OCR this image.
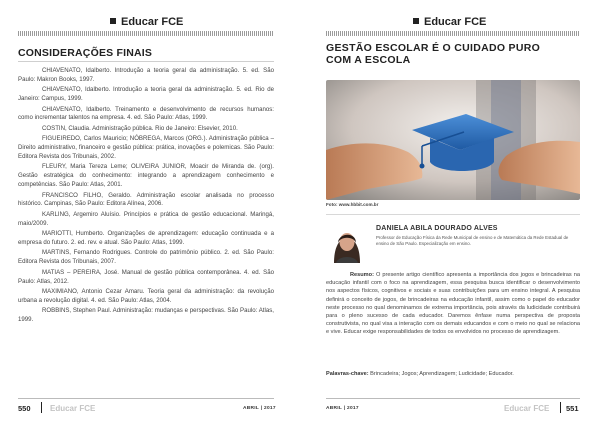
Educar FCE
CONSIDERAÇÕES FINAIS
CHIAVENATO, Idalberto. Introdução a teoria geral da administração. 5. ed. São Paulo: Makron Books, 1997.
CHIAVENATO, Idalberto. Introdução a teoria geral da administração. 5. ed. Rio de Janeiro: Campus, 1999.
CHIAVENATO, Idalberto. Treinamento e desenvolvimento de recursos humanos: como incrementar talentos na empresa. 4. ed. São Paulo: Atlas, 1999.
COSTIN, Claudia. Administração pública. Rio de Janeiro: Elsevier, 2010.
FIGUEIREDO, Carlos Mauricio; NÓBREGA, Marcos (ORG.). Administração pública – Direito administrativo, financeiro e gestão pública: prática, inovações e polemicas. São Paulo: Editora Revista dos Tribunais, 2002.
FLEURY, Maria Tereza Leme; OLIVEIRA JUNIOR, Moacir de Miranda de. (org). Gestão estratégica do conhecimento: integrando a aprendizagem conhecimento e competências. São Paulo: Atlas, 2001.
FRANCISCO FILHO, Geraldo. Administração escolar analisada no processo histórico. Campinas, São Paulo: Editora Alínea, 2006.
KARLING, Argemiro Aluísio. Princípios e prática de gestão educacional. Maringá, maio/2009.
MARIOTTI, Humberto. Organizações de aprendizagem: educação continuada e a empresa do futuro. 2. ed. rev. e atual. São Paulo: Atlas, 1999.
MARTINS, Fernando Rodrigues. Controle do patrimônio público. 2. ed. São Paulo: Editora Revista dos Tribunais, 2007.
MATIAS – PEREIRA, José. Manual de gestão pública contemporânea. 4. ed. São Paulo: Atlas, 2012.
MAXIMIANO, Antonio Cezar Amaru. Teoria geral da administração: da revolução urbana a revolução digital. 4. ed. São Paulo: Atlas, 2004.
ROBBINS, Stephen Paul. Administração: mudanças e perspectivas. São Paulo: Atlas, 1999.
550 Educar FCE	ABRIL | 2017
Educar FCE
GESTÃO ESCOLAR É O CUIDADO PURO COM A ESCOLA
Foto: www.hbbit.com.br
DANIELA ABILA DOURADO ALVES
Professor de Educação Física da Rede Municipal de ensino e de Matemática da Rede Estadual de ensino de São Paulo. Especialização em ensino.

Resumo: O presente artigo científico apresenta a importância dos jogos e brincadeiras na educação infantil com o foco na aprendizagem, essa pesquisa busca identificar o desenvolvimento nos aspectos físicos, cognitivos e sociais e suas contribuições para um ensino integral. A pesquisa definirá o conceito de jogos, de brincadeiras na educação infantil, assim como o papel do educador neste processo no qual denominamos de extrema importância, pois através da ludicidade contribuirá para o pleno sucesso de cada educador. Daremos ênfase numa perspectiva de proposta construtivista, no qual visa a interação com os demais educandos e com o meio no qual se relaciona e vive. Educar exige responsabilidades de todos os envolvidos no processo de aprendizagem.

Palavras-chave: Brincadeira; Jogos; Aprendizagem; Ludicidade; Educador.

ABRIL | 2017	Educar FCE 551
